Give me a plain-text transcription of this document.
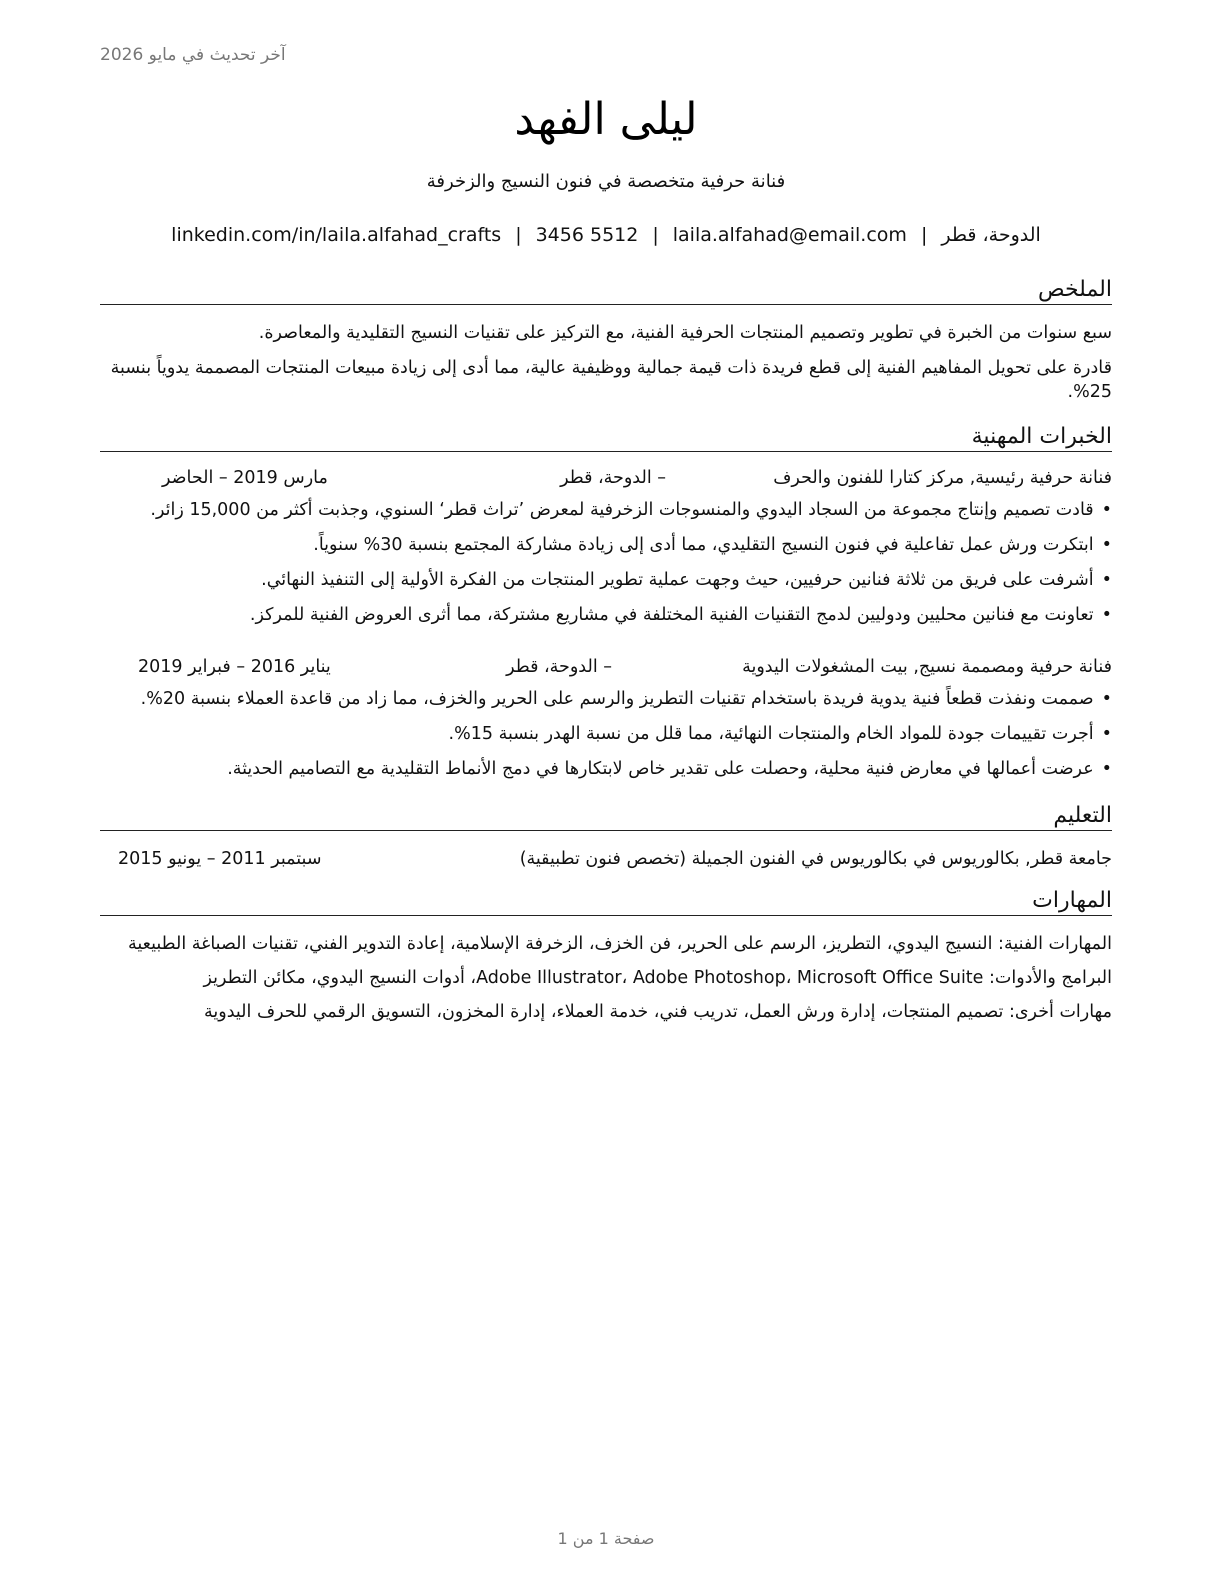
آخر تحديث في مايو 2026
ليلى الفهد
فنانة حرفية متخصصة في فنون النسيج والزخرفة
الدوحة، قطر|laila.alfahad@email.com|3456 5512|linkedin.com/in/laila.alfahad_crafts
الملخص
سبع سنوات من الخبرة في تطوير وتصميم المنتجات الحرفية الفنية، مع التركيز على تقنيات النسيج التقليدية والمعاصرة.
قادرة على تحويل المفاهيم الفنية إلى قطع فريدة ذات قيمة جمالية ووظيفية عالية، مما أدى إلى زيادة مبيعات المنتجات المصممة يدوياً بنسبة 25%.
الخبرات المهنية
فنانة حرفية رئيسية, مركز كتارا للفنون والحرف
– الدوحة، قطر
مارس 2019 – الحاضر
•قادت تصميم وإنتاج مجموعة من السجاد اليدوي والمنسوجات الزخرفية لمعرض ’تراث قطر‘ السنوي، وجذبت أكثر من 15,000 زائر.
•ابتكرت ورش عمل تفاعلية في فنون النسيج التقليدي، مما أدى إلى زيادة مشاركة المجتمع بنسبة 30% سنوياً.
•أشرفت على فريق من ثلاثة فنانين حرفيين، حيث وجهت عملية تطوير المنتجات من الفكرة الأولية إلى التنفيذ النهائي.
•تعاونت مع فنانين محليين ودوليين لدمج التقنيات الفنية المختلفة في مشاريع مشتركة، مما أثرى العروض الفنية للمركز.
فنانة حرفية ومصممة نسيج, بيت المشغولات اليدوية
– الدوحة، قطر
يناير 2016 – فبراير 2019
•صممت ونفذت قطعاً فنية يدوية فريدة باستخدام تقنيات التطريز والرسم على الحرير والخزف، مما زاد من قاعدة العملاء بنسبة 20%.
•أجرت تقييمات جودة للمواد الخام والمنتجات النهائية، مما قلل من نسبة الهدر بنسبة 15%.
•عرضت أعمالها في معارض فنية محلية، وحصلت على تقدير خاص لابتكارها في دمج الأنماط التقليدية مع التصاميم الحديثة.
التعليم
جامعة قطر, بكالوريوس في بكالوريوس في الفنون الجميلة (تخصص فنون تطبيقية)
سبتمبر 2011 – يونيو 2015
المهارات
المهارات الفنية: النسيج اليدوي، التطريز، الرسم على الحرير، فن الخزف، الزخرفة الإسلامية، إعادة التدوير الفني، تقنيات الصباغة الطبيعية
البرامج والأدوات: Adobe Illustrator، Adobe Photoshop، Microsoft Office Suite، أدوات النسيج اليدوي، مكائن التطريز
مهارات أخرى: تصميم المنتجات، إدارة ورش العمل، تدريب فني، خدمة العملاء، إدارة المخزون، التسويق الرقمي للحرف اليدوية
صفحة 1 من 1
